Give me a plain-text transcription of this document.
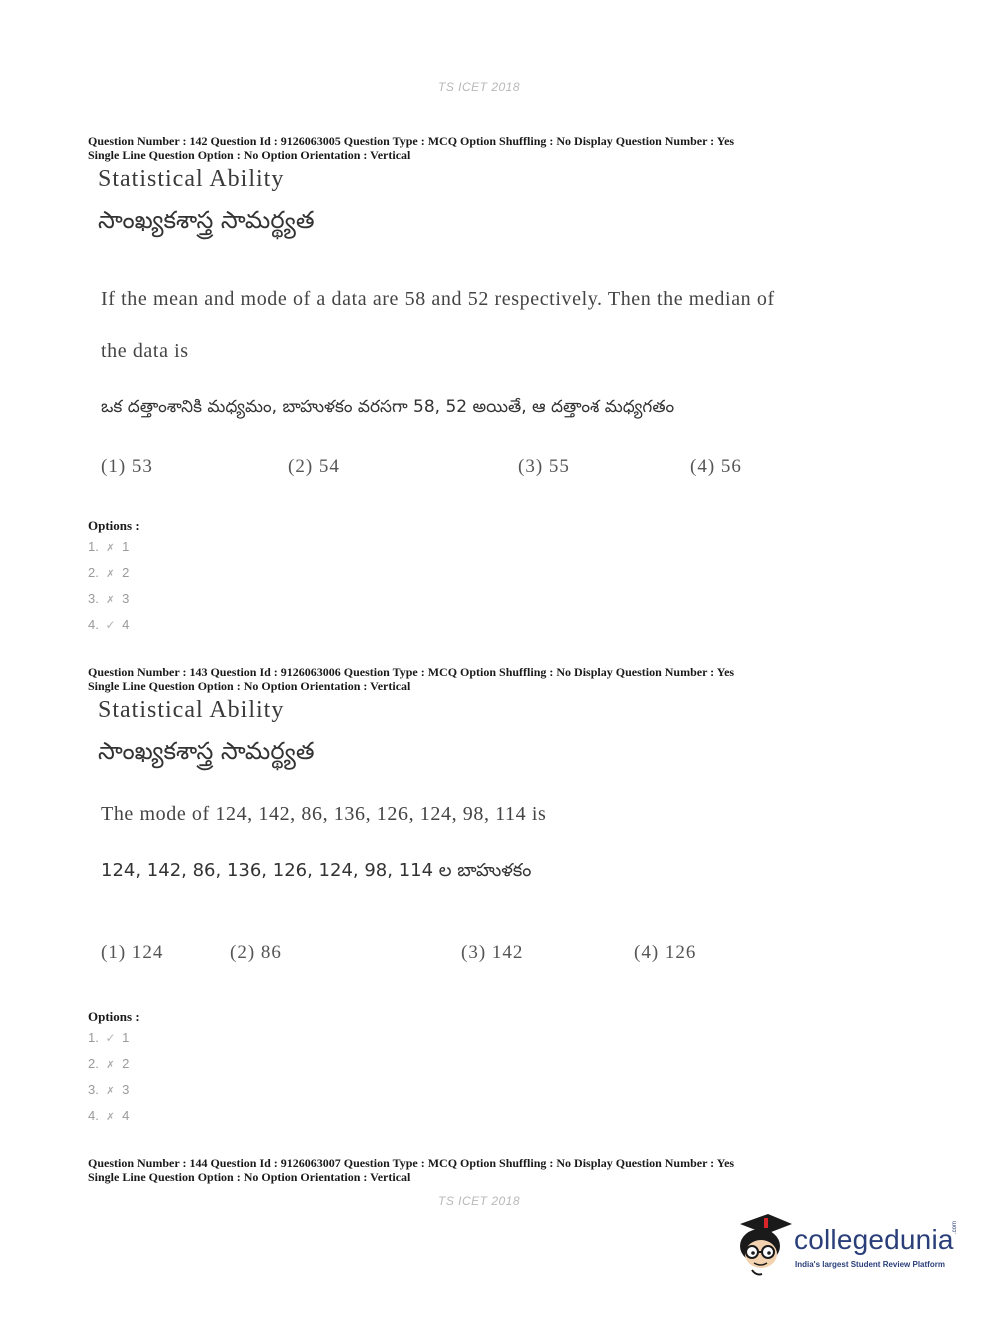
TS ICET 2018
Question Number : 142 Question Id : 9126063005 Question Type : MCQ Option Shuffling : No Display Question Number : Yes
Single Line Question Option : No Option Orientation : Vertical
Statistical Ability
సాంఖ్యకశాస్త్ర సామర్థ్యత
If the mean and mode of a data are 58 and 52 respectively. Then the median of
the data is
ఒక దత్తాంశానికి మధ్యమం, బాహుళకం వరసగా 58, 52 అయితే, ఆ దత్తాంశ మధ్యగతం
(1) 53	(2) 54	(3) 55	(4) 56
Options :
1. ✗ 1
2. ✗ 2
3. ✗ 3
4. ✓ 4
Question Number : 143 Question Id : 9126063006 Question Type : MCQ Option Shuffling : No Display Question Number : Yes
Single Line Question Option : No Option Orientation : Vertical
Statistical Ability
సాంఖ్యకశాస్త్ర సామర్థ్యత
The mode of 124, 142, 86, 136, 126, 124, 98, 114 is
124, 142, 86, 136, 126, 124, 98, 114 ల బాహుళకం
(1) 124	(2) 86	(3) 142	(4) 126
Options :
1. ✓ 1
2. ✗ 2
3. ✗ 3
4. ✗ 4
Question Number : 144 Question Id : 9126063007 Question Type : MCQ Option Shuffling : No Display Question Number : Yes
Single Line Question Option : No Option Orientation : Vertical
TS ICET 2018
collegedunia
.com
India's largest Student Review Platform
